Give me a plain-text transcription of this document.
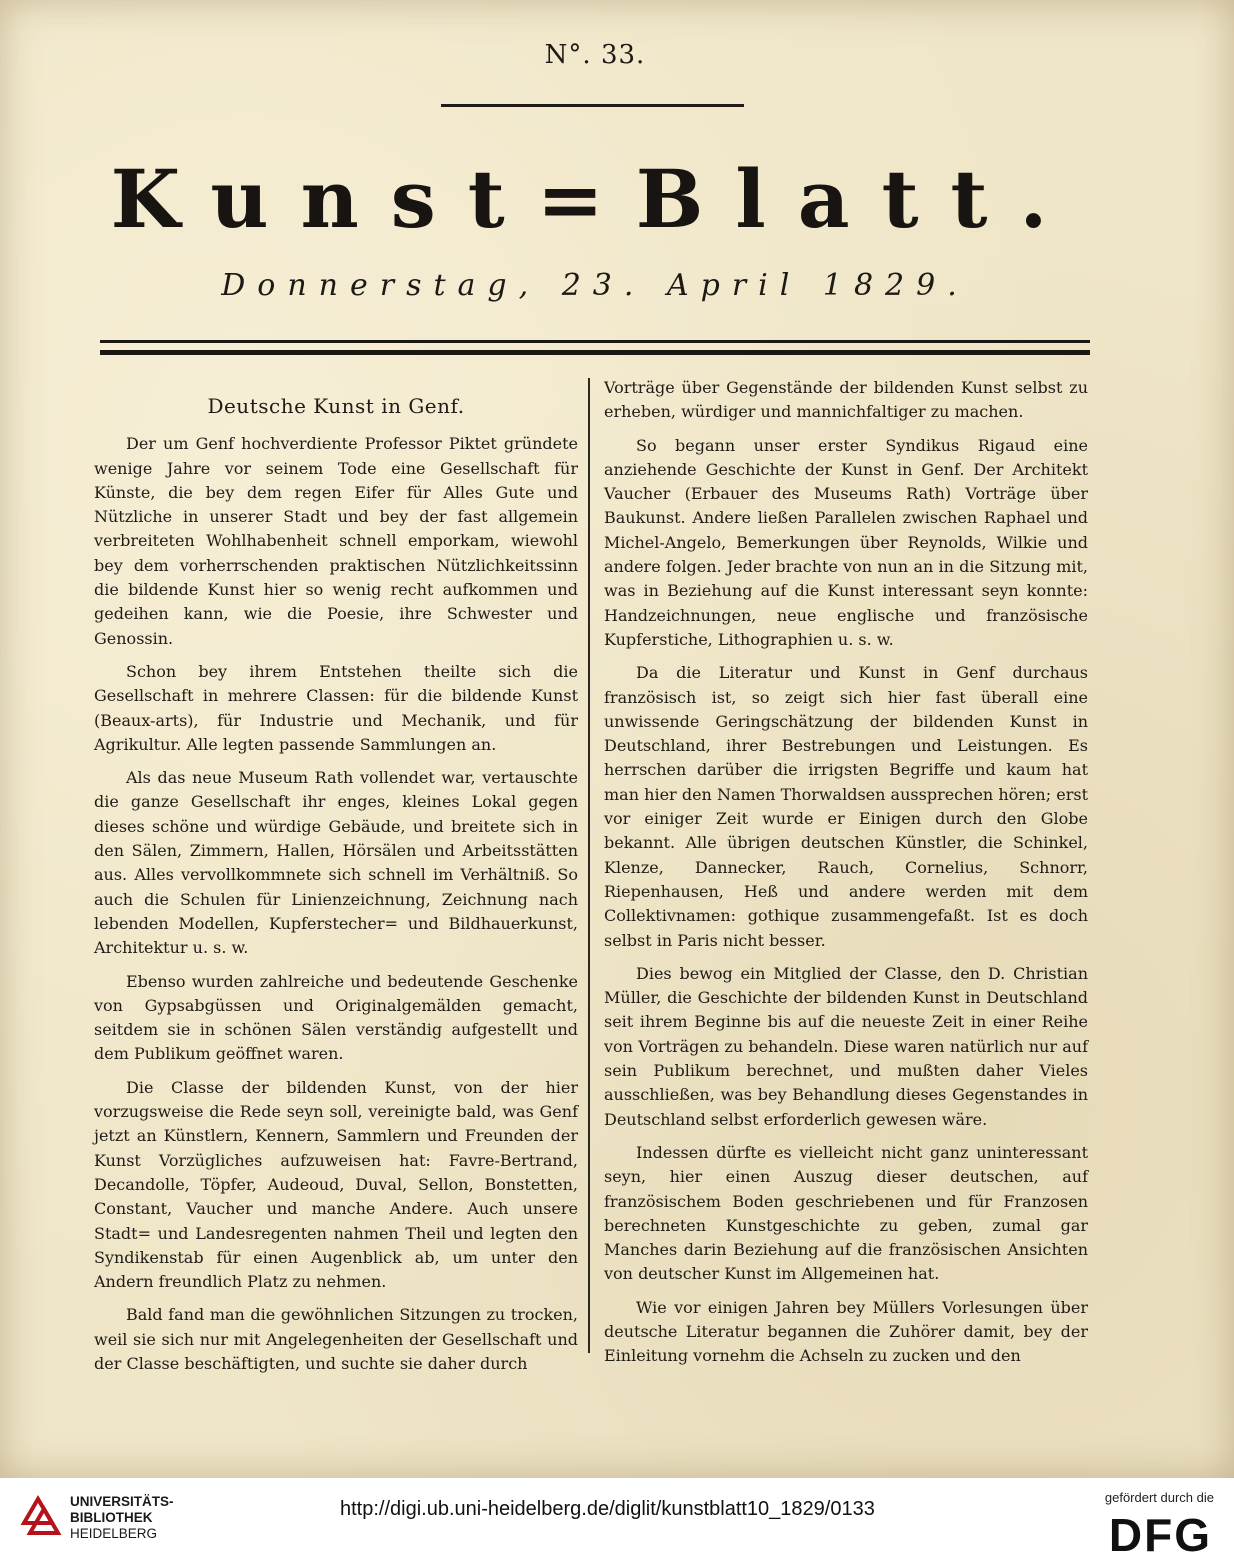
N°. 33.
Kunst=Blatt.
Donnerstag, 23. April 1829.
Deutsche Kunst in Genf.

Der um Genf hochverdiente Professor Piktet gründete wenige Jahre vor seinem Tode eine Gesellschaft für Künste, die bey dem regen Eifer für Alles Gute und Nützliche in unserer Stadt und bey der fast allgemein verbreiteten Wohlhabenheit schnell emporkam, wiewohl bey dem vorherrschenden praktischen Nützlichkeitssinn die bildende Kunst hier so wenig recht aufkommen und gedeihen kann, wie die Poesie, ihre Schwester und Genossin.

Schon bey ihrem Entstehen theilte sich die Gesellschaft in mehrere Classen: für die bildende Kunst (Beaux-arts), für Industrie und Mechanik, und für Agrikultur. Alle legten passende Sammlungen an.

Als das neue Museum Rath vollendet war, vertauschte die ganze Gesellschaft ihr enges, kleines Lokal gegen dieses schöne und würdige Gebäude, und breitete sich in den Sälen, Zimmern, Hallen, Hörsälen und Arbeitsstätten aus. Alles vervollkommnete sich schnell im Verhältniß. So auch die Schulen für Linienzeichnung, Zeichnung nach lebenden Modellen, Kupferstecher= und Bildhauerkunst, Architektur u. s. w.

Ebenso wurden zahlreiche und bedeutende Geschenke von Gypsabgüssen und Originalgemälden gemacht, seitdem sie in schönen Sälen verständig aufgestellt und dem Publikum geöffnet waren.

Die Classe der bildenden Kunst, von der hier vorzugsweise die Rede seyn soll, vereinigte bald, was Genf jetzt an Künstlern, Kennern, Sammlern und Freunden der Kunst Vorzügliches aufzuweisen hat: Favre-Bertrand, Decandolle, Töpfer, Audeoud, Duval, Sellon, Bonstetten, Constant, Vaucher und manche Andere. Auch unsere Stadt= und Landesregenten nahmen Theil und legten den Syndikenstab für einen Augenblick ab, um unter den Andern freundlich Platz zu nehmen.

Bald fand man die gewöhnlichen Sitzungen zu trocken, weil sie sich nur mit Angelegenheiten der Gesellschaft und der Classe beschäftigten, und suchte sie daher durch

Vorträge über Gegenstände der bildenden Kunst selbst zu erheben, würdiger und mannichfaltiger zu machen.

So begann unser erster Syndikus Rigaud eine anziehende Geschichte der Kunst in Genf. Der Architekt Vaucher (Erbauer des Museums Rath) Vorträge über Baukunst. Andere ließen Parallelen zwischen Raphael und Michel-Angelo, Bemerkungen über Reynolds, Wilkie und andere folgen. Jeder brachte von nun an in die Sitzung mit, was in Beziehung auf die Kunst interessant seyn konnte: Handzeichnungen, neue englische und französische Kupferstiche, Lithographien u. s. w.

Da die Literatur und Kunst in Genf durchaus französisch ist, so zeigt sich hier fast überall eine unwissende Geringschätzung der bildenden Kunst in Deutschland, ihrer Bestrebungen und Leistungen. Es herrschen darüber die irrigsten Begriffe und kaum hat man hier den Namen Thorwaldsen aussprechen hören; erst vor einiger Zeit wurde er Einigen durch den Globe bekannt. Alle übrigen deutschen Künstler, die Schinkel, Klenze, Dannecker, Rauch, Cornelius, Schnorr, Riepenhausen, Heß und andere werden mit dem Collektivnamen: gothique zusammengefaßt. Ist es doch selbst in Paris nicht besser.

Dies bewog ein Mitglied der Classe, den D. Christian Müller, die Geschichte der bildenden Kunst in Deutschland seit ihrem Beginne bis auf die neueste Zeit in einer Reihe von Vorträgen zu behandeln. Diese waren natürlich nur auf sein Publikum berechnet, und mußten daher Vieles ausschließen, was bey Behandlung dieses Gegenstandes in Deutschland selbst erforderlich gewesen wäre.

Indessen dürfte es vielleicht nicht ganz uninteressant seyn, hier einen Auszug dieser deutschen, auf französischem Boden geschriebenen und für Franzosen berechneten Kunstgeschichte zu geben, zumal gar Manches darin Beziehung auf die französischen Ansichten von deutscher Kunst im Allgemeinen hat.

Wie vor einigen Jahren bey Müllers Vorlesungen über deutsche Literatur begannen die Zuhörer damit, bey der Einleitung vornehm die Achseln zu zucken und den

UNIVERSITÄTS-
BIBLIOTHEK
HEIDELBERG
http://digi.ub.uni-heidelberg.de/diglit/kunstblatt10_1829/0133
gefördert durch die
DFG
